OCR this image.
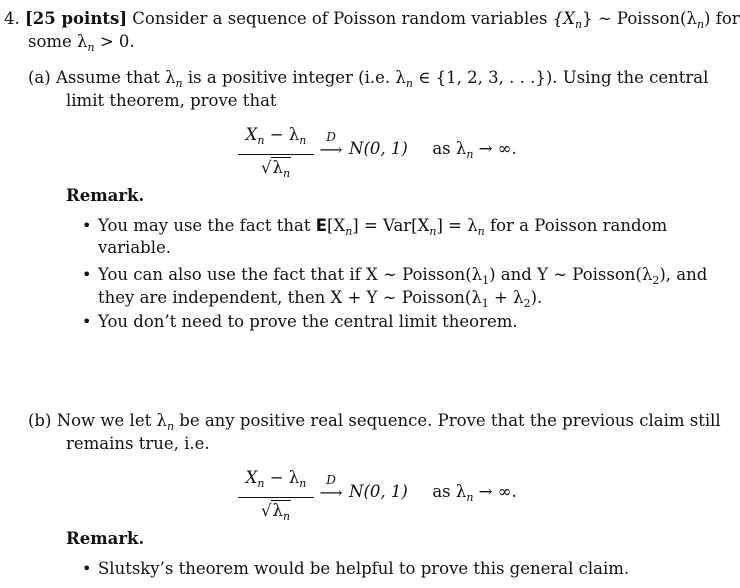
4. [25 points] Consider a sequence of Poisson random variables $\{X_n\}$ ∼ $Poisson(\lambda_n)$ for
some $\lambda_n > 0$.
(a) Assume that $\lambda_n$ is a positive integer (i.e. $\lambda_n$ ∈ {1, 2, 3, . . .}). Using the central
limit theorem, prove that
$X_n - \lambda_n$
$√\lambda_n$
D
⟶ N(0, 1) as $\lambda_n$ → ∞.
Remark.
• You may use the fact that $E[X_n] = Var[X_n] = \lambda_n$ for a Poisson random
variable.
• You can also use the fact that if X ∼ $Poisson(\lambda_1)$ and Y ∼ $Poisson(\lambda_2)$, and
they are independent, then X + Y ∼ $Poisson(\lambda_1 + \lambda_2)$.
• You don’t need to prove the central limit theorem.
(b) Now we let $\lambda_n$ be any positive real sequence. Prove that the previous claim still
remains true, i.e.
$X_n - \lambda_n$
$√\lambda_n$
D
⟶ N(0, 1) as $\lambda_n$ → ∞.
Remark.
• Slutsky’s theorem would be helpful to prove this general claim.
